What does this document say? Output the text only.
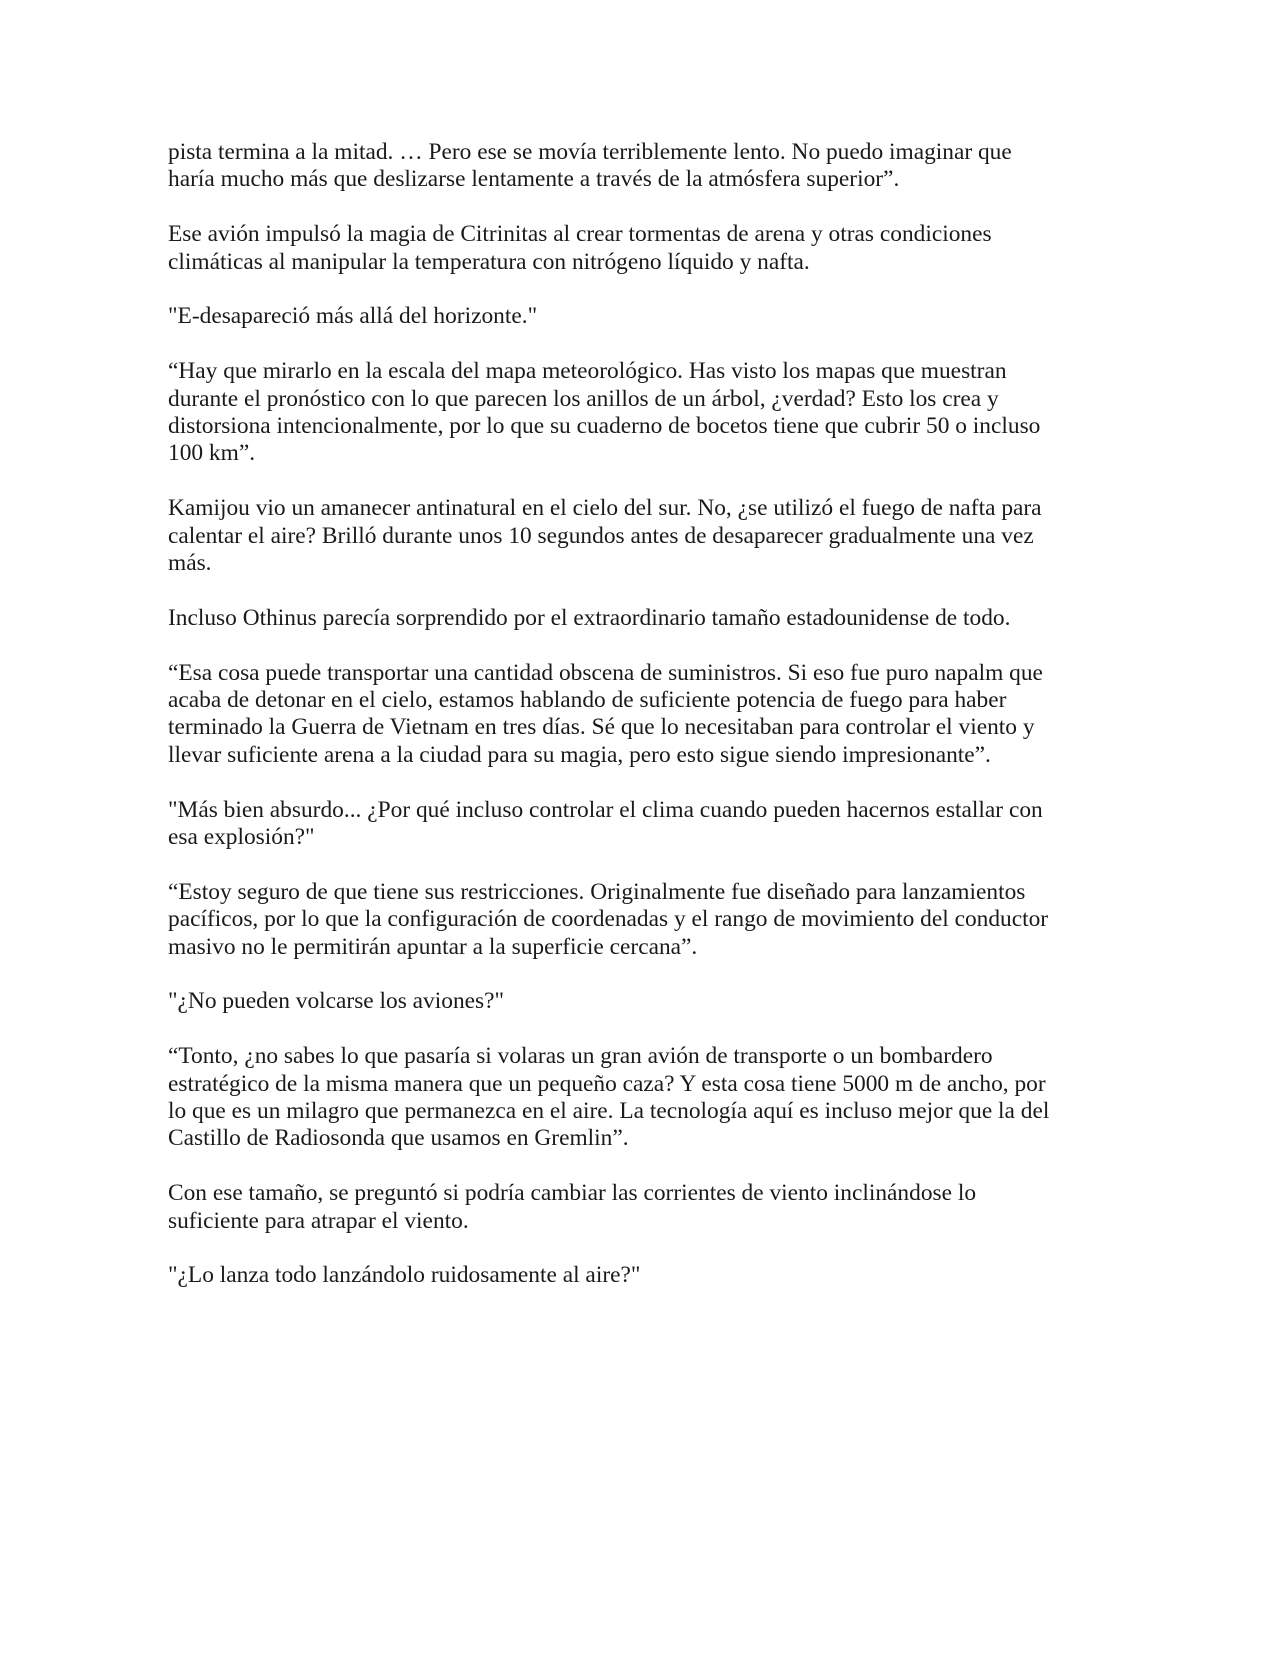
pista termina a la mitad. … Pero ese se movía terriblemente lento. No puedo imaginar que haría mucho más que deslizarse lentamente a través de la atmósfera superior”.

Ese avión impulsó la magia de Citrinitas al crear tormentas de arena y otras condiciones climáticas al manipular la temperatura con nitrógeno líquido y nafta.

"E-desapareció más allá del horizonte."

“Hay que mirarlo en la escala del mapa meteorológico. Has visto los mapas que muestran durante el pronóstico con lo que parecen los anillos de un árbol, ¿verdad? Esto los crea y distorsiona intencionalmente, por lo que su cuaderno de bocetos tiene que cubrir 50 o incluso 100 km”.

Kamijou vio un amanecer antinatural en el cielo del sur. No, ¿se utilizó el fuego de nafta para calentar el aire? Brilló durante unos 10 segundos antes de desaparecer gradualmente una vez más.

Incluso Othinus parecía sorprendido por el extraordinario tamaño estadounidense de todo.

“Esa cosa puede transportar una cantidad obscena de suministros. Si eso fue puro napalm que acaba de detonar en el cielo, estamos hablando de suficiente potencia de fuego para haber terminado la Guerra de Vietnam en tres días. Sé que lo necesitaban para controlar el viento y llevar suficiente arena a la ciudad para su magia, pero esto sigue siendo impresionante”.

"Más bien absurdo... ¿Por qué incluso controlar el clima cuando pueden hacernos estallar con esa explosión?"

“Estoy seguro de que tiene sus restricciones. Originalmente fue diseñado para lanzamientos pacíficos, por lo que la configuración de coordenadas y el rango de movimiento del conductor masivo no le permitirán apuntar a la superficie cercana”.

"¿No pueden volcarse los aviones?"

“Tonto, ¿no sabes lo que pasaría si volaras un gran avión de transporte o un bombardero estratégico de la misma manera que un pequeño caza? Y esta cosa tiene 5000 m de ancho, por lo que es un milagro que permanezca en el aire. La tecnología aquí es incluso mejor que la del Castillo de Radiosonda que usamos en Gremlin”.

Con ese tamaño, se preguntó si podría cambiar las corrientes de viento inclinándose lo suficiente para atrapar el viento.

"¿Lo lanza todo lanzándolo ruidosamente al aire?"
